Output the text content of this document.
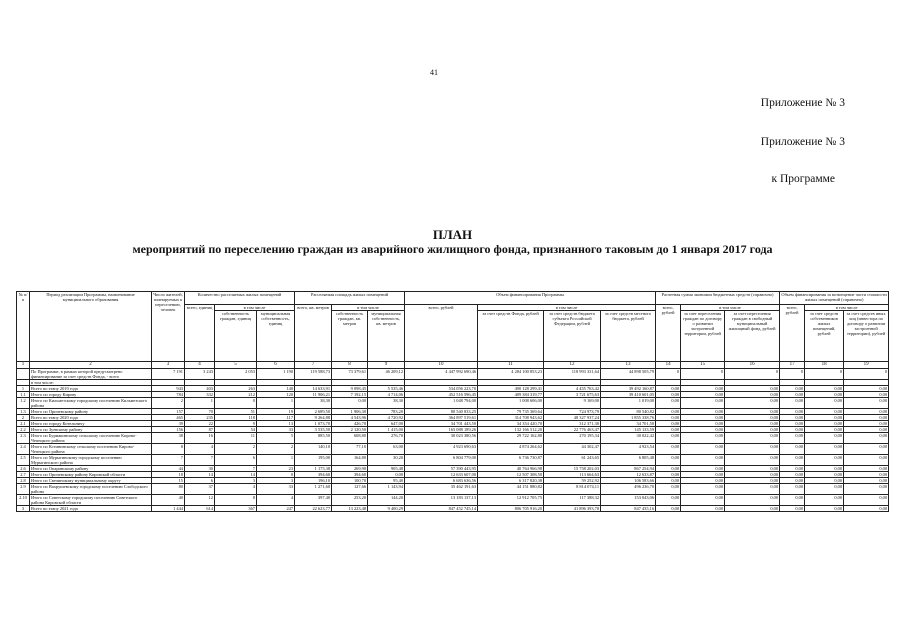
41
Приложение № 3
Приложение № 3
к Программе
ПЛАН
мероприятий по переселению граждан из аварийного жилищного фонда, признанного таковым до 1 января 2017 года
№ п/п	Период реализации Программы, наименование муниципального образования	Число жителей, планируемых к переселению, человек	Количество расселяемых жилых помещений			Расселяемая площадь жилых помещений			Объем финансирования Программы				Расчетная сумма экономии бюджетных средств (справочно)			Объем финансирования за возмещение части стоимости жилых помещений (справочно)		
			всего, единиц	в том числе		всего, кв. метров	в том числе		всего, рублей	в том числе			всего, рублей	в том числе		всего, рублей	в том числе	
				собственность граждан, единиц	муниципальная собственность, единиц		собственность граждан, кв. метров	муниципальная собственность, кв. метров		за счет средств Фонда, рублей	за счет средств бюджета субъекта Российской Федерации, рублей	за счет средств местного бюджета, рублей		за счет переселения граждан по договору о развитии застроенной территории, рублей	за счет переселения граждан в свободный муниципальный жилищный фонд, рублей		за счет средств собственников жилых помещений, рублей	за счет средств иных лиц (инвестора по договору о развитии застроенной территории), рублей
1	2	3	4	5	6	7	8	9	10	11	12	13	14	15	16	17	18	19
	По Программе, в рамках которой предусмотрено финансирование за счет средств Фонда, - всего	7 191	3 243	2 053	1 190	119 588,73	73 379,61	46 209,12	4 447 992 690,46	4 284 100 853,23	118 993 331,64	44 898 505,79	0	0	0	0	0	0
	в том числе:																	
1	Всего по этапу 2019 года	943	403	263	140	14 633,91	9 098,45	5 535,46	534 056 223,70	490 128 299,41	4 455 763,42	39 492 160,87	0,00	0,00	0,00	0,00	0,00	0,00
1.1	Итого по городу Кирову	784	332	212	120	11 906,21	7 192,15	4 714,06	452 516 596,45	409 384 319,77	3 721 675,63	39 410 601,05	0,00	0,00	0,00	0,00	0,00	0,00
1.2	Итого по Кильмезскому городскому поселению Кильмезского района	2	1	0	1	38,30	0,00	38,30	1 048 794,00	1 008 606,00	9 169,00	1 019,00	0,00	0,00	0,00	0,00	0,00	0,00
1.3	Итого по Оричевскому району	157	70	51	19	2 689,50	1 906,30	783,20	80 540 833,25	79 735 369,64	724 973,79	80 540,82	0,00	0,00	0,00	0,00	0,00	0,00
2	Всего по этапу 2020 года	465	235	118	117	9 264,88	4 543,96	4 720,92	364 897 519,61	314 708 943,62	48 327 937,24	1 855 338,76	0,00	0,00	0,00	0,00	0,00	0,00
2.1	Итого по городу Котельничу	39	22	9	13	1 073,70	426,70	647,00	34 701 443,50	34 354 420,70	312 371,30	34 701,50	0,00	0,00	0,00	0,00	0,00	0,00
2.2	Итого по Зуевскому району	156	87	54	33	3 535,50	2 120,50	1 415,00	165 088 189,26	132 166 512,20	22 776 463,47	145 133,59	0,00	0,00	0,00	0,00	0,00	0,00
2.3	Итого по Бурмакинскому сельскому поселению Кирово-Чепецкого района	38	16	11	5	885,50	608,80	276,70	30 023 380,56	29 722 162,80	270 195,34	30 022,42	0,00	0,00	0,00	0,00	0,00	0,00
2.4	Итого по Кстининскому сельскому поселению Кирово-Чепецкого района	8	4	2	2	140,10	77,10	63,00	4 923 690,63	4 874 264,62	44 302,47	4 923,54	0,00	0,00	0,00	0,00	0,00	0,00
2.5	Итого по Мурыгинскому городскому поселению Мурыгинского района	7	7	6	1	195,00	164,80	30,20	6 804 779,00	6 736 730,87	61 243,65	6 805,48	0,00	0,00	0,00	0,00	0,00	0,00
2.6	Итого по Опаринскому району	44	30	7	23	1 175,38	269,90	905,48	57 390 443,95	40 764 966,98	15 758 202,03	867 254,94	0,00	0,00	0,00	0,00	0,00	0,00
2.7	Итого по Оричевскому району Кировской области	18	14	14	0	394,60	394,60	0,00	12 633 607,00	12 507 308,50	113 664,63	12 633,87	0,00	0,00	0,00	0,00	0,00	0,00
2.8	Итого по Свечинскому муниципальному округу	15	6	3	3	196,10	100,70	95,40	6 683 636,56	6 317 820,38	59 252,92	106 583,66	0,00	0,00	0,00	0,00	0,00	0,00
2.9	Итого по Вахрушевскому городскому поселению Слободского района	80	37	4	33	1 271,60	127,66	1 143,94	35 462 191,63	44 151 880,82	8 814 074,11	496 236,70	0,00	0,00	0,00	0,00	0,00	0,00
2.10	Итого по Советскому городскому поселению Советского района Кировской области	40	12	8	4	397,40	253,20	144,20	13 183 137,13	12 912 705,75	117 388,32	153 043,06	0,00	0,00	0,00	0,00	0,00	0,00
3	Всего по этапу 2021 года	1 444	614	367	247	22 623,77	13 223,48	9 400,29	847 452 745,14	806 705 916,20	41 896 393,78	847 435,16	0,00	0,00	0,00	0,00	0,00	0,00
